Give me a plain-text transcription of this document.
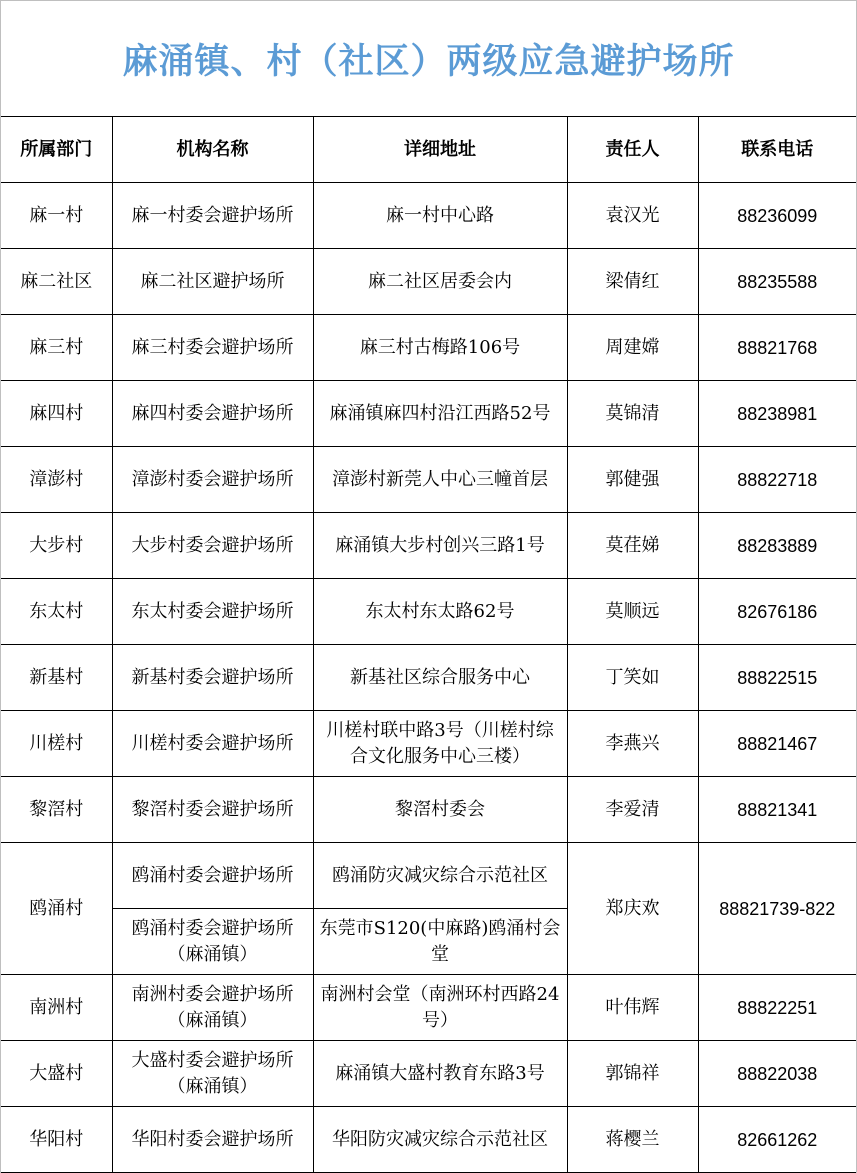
麻涌镇、村（社区）两级应急避护场所
所属部门	机构名称	详细地址	责任人	联系电话
麻一村	麻一村委会避护场所	麻一村中心路	袁汉光	88236099
麻二社区	麻二社区避护场所	麻二社区居委会内	梁倩红	88235588
麻三村	麻三村委会避护场所	麻三村古梅路106号	周建嫦	88821768
麻四村	麻四村委会避护场所	麻涌镇麻四村沿江西路52号	莫锦清	88238981
漳澎村	漳澎村委会避护场所	漳澎村新莞人中心三幢首层	郭健强	88822718
大步村	大步村委会避护场所	麻涌镇大步村创兴三路1号	莫荏娣	88283889
东太村	东太村委会避护场所	东太村东太路62号	莫顺远	82676186
新基村	新基村委会避护场所	新基社区综合服务中心	丁笑如	88822515
川槎村	川槎村委会避护场所	川槎村联中路3号（川槎村综合文化服务中心三楼）	李燕兴	88821467
黎滘村	黎滘村委会避护场所	黎滘村委会	李爱清	88821341
鸥涌村	鸥涌村委会避护场所	鸥涌防灾减灾综合示范社区	郑庆欢	88821739-822
	鸥涌村委会避护场所（麻涌镇）	东莞市S120(中麻路)鸥涌村会堂		
南洲村	南洲村委会避护场所（麻涌镇）	南洲村会堂（南洲环村西路24号）	叶伟辉	88822251
大盛村	大盛村委会避护场所（麻涌镇）	麻涌镇大盛村教育东路3号	郭锦祥	88822038
华阳村	华阳村委会避护场所	华阳防灾减灾综合示范社区	蒋樱兰	82661262
